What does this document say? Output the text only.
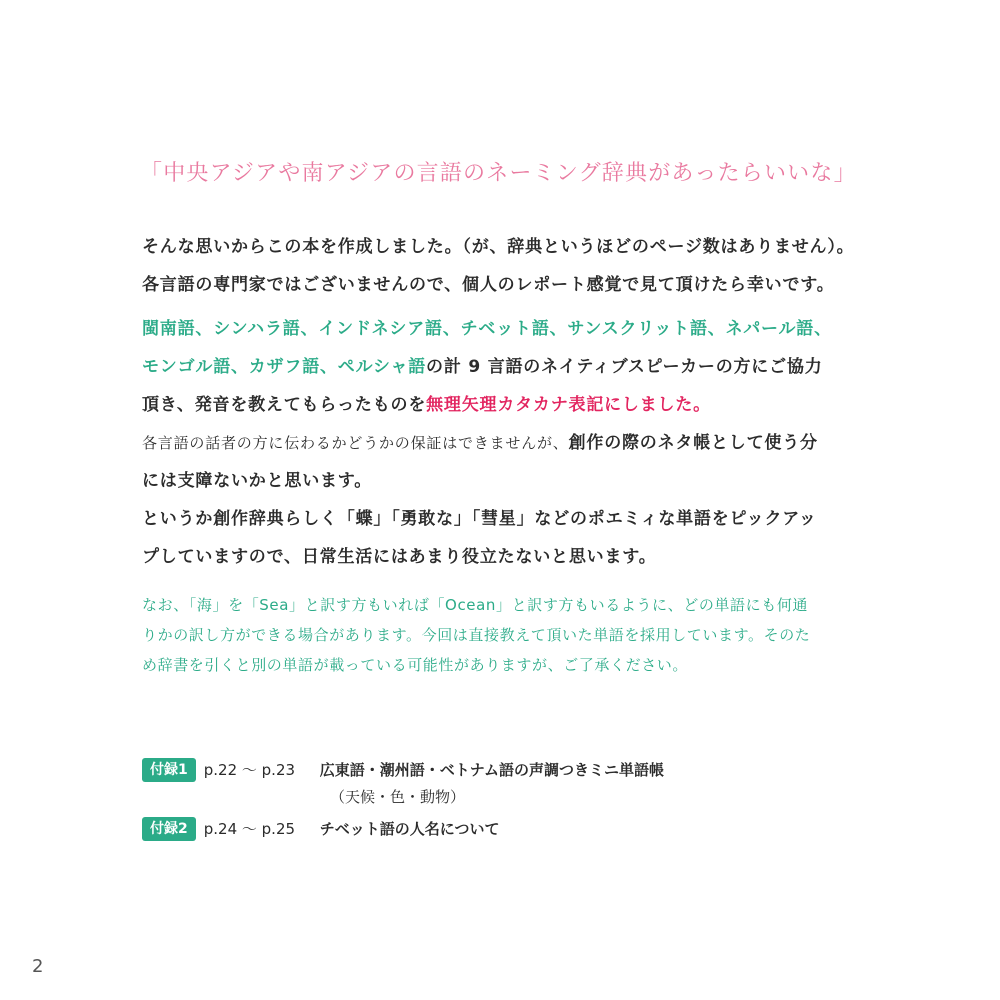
「中央アジアや南アジアの言語のネーミング辞典があったらいいな」
そんな思いからこの本を作成しました。（が、辞典というほどのページ数はありません）。
各言語の専門家ではございませんので、個人のレポート感覚で見て頂けたら幸いです。
閩南語、シンハラ語、インドネシア語、チベット語、サンスクリット語、ネパール語、
モンゴル語、カザフ語、ペルシャ語の計 9 言語のネイティブスピーカーの方にご協力
頂き、発音を教えてもらったものを無理矢理カタカナ表記にしました。
各言語の話者の方に伝わるかどうかの保証はできませんが、創作の際のネタ帳として使う分
には支障ないかと思います。
というか創作辞典らしく「蝶」「勇敢な」「彗星」などのポエミィな単語をピックアッ
プしていますので、日常生活にはあまり役立たないと思います。
なお、「海」を「Sea」と訳す方もいれば「Ocean」と訳す方もいるように、どの単語にも何通
りかの訳し方ができる場合があります。今回は直接教えて頂いた単語を採用しています。そのた
め辞書を引くと別の単語が載っている可能性がありますが、ご了承ください。
付録1 p.22 〜 p.23 広東語・潮州語・ベトナム語の声調つきミニ単語帳
（天候・色・動物）
付録2 p.24 〜 p.25 チベット語の人名について
2
